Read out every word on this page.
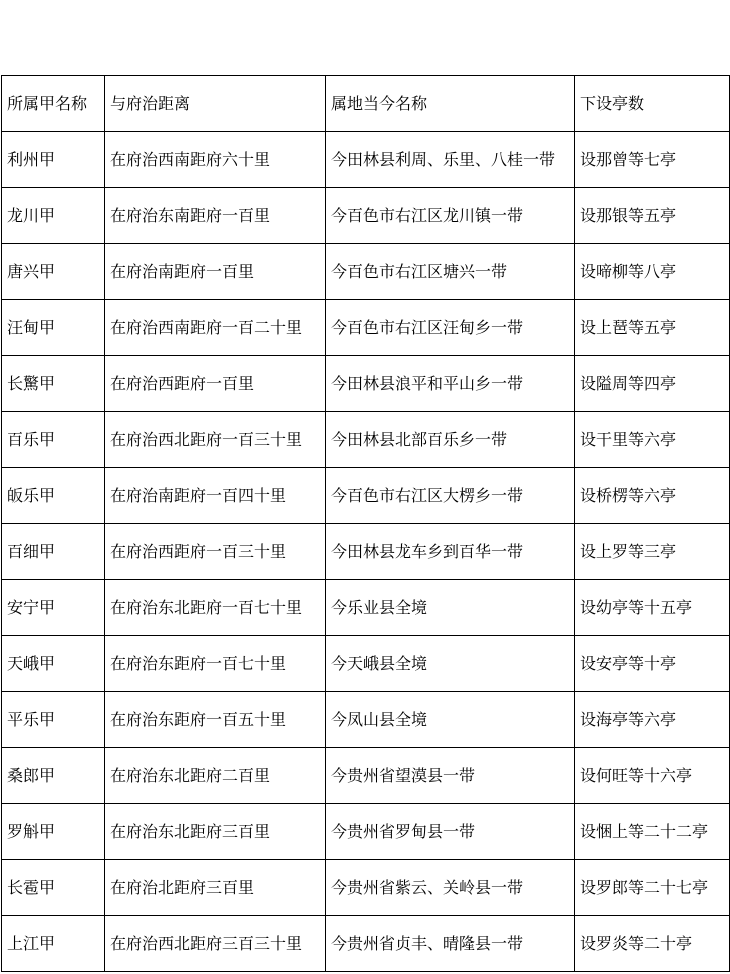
所属甲名称	与府治距离	属地当今名称	下设亭数
利州甲	在府治西南距府六十里	今田林县利周、乐里、八桂一带	设那曾等七亭
龙川甲	在府治东南距府一百里	今百色市右江区龙川镇一带	设那银等五亭
唐兴甲	在府治南距府一百里	今百色市右江区塘兴一带	设啼柳等八亭
汪甸甲	在府治西南距府一百二十里	今百色市右江区汪甸乡一带	设上琶等五亭
长驚甲	在府治西距府一百里	今田林县浪平和平山乡一带	设隘周等四亭
百乐甲	在府治西北距府一百三十里	今田林县北部百乐乡一带	设干里等六亭
皈乐甲	在府治南距府一百四十里	今百色市右江区大楞乡一带	设桥楞等六亭
百细甲	在府治西距府一百三十里	今田林县龙车乡到百华一带	设上罗等三亭
安宁甲	在府治东北距府一百七十里	今乐业县全境	设幼亭等十五亭
天峨甲	在府治东距府一百七十里	今天峨县全境	设安亭等十亭
平乐甲	在府治东距府一百五十里	今凤山县全境	设海亭等六亭
桑郎甲	在府治东北距府二百里	今贵州省望漠县一带	设何旺等十六亭
罗斛甲	在府治东北距府三百里	今贵州省罗甸县一带	设悃上等二十二亭
长雹甲	在府治北距府三百里	今贵州省紫云、关岭县一带	设罗郎等二十七亭
上江甲	在府治西北距府三百三十里	今贵州省贞丰、晴隆县一带	设罗炎等二十亭
